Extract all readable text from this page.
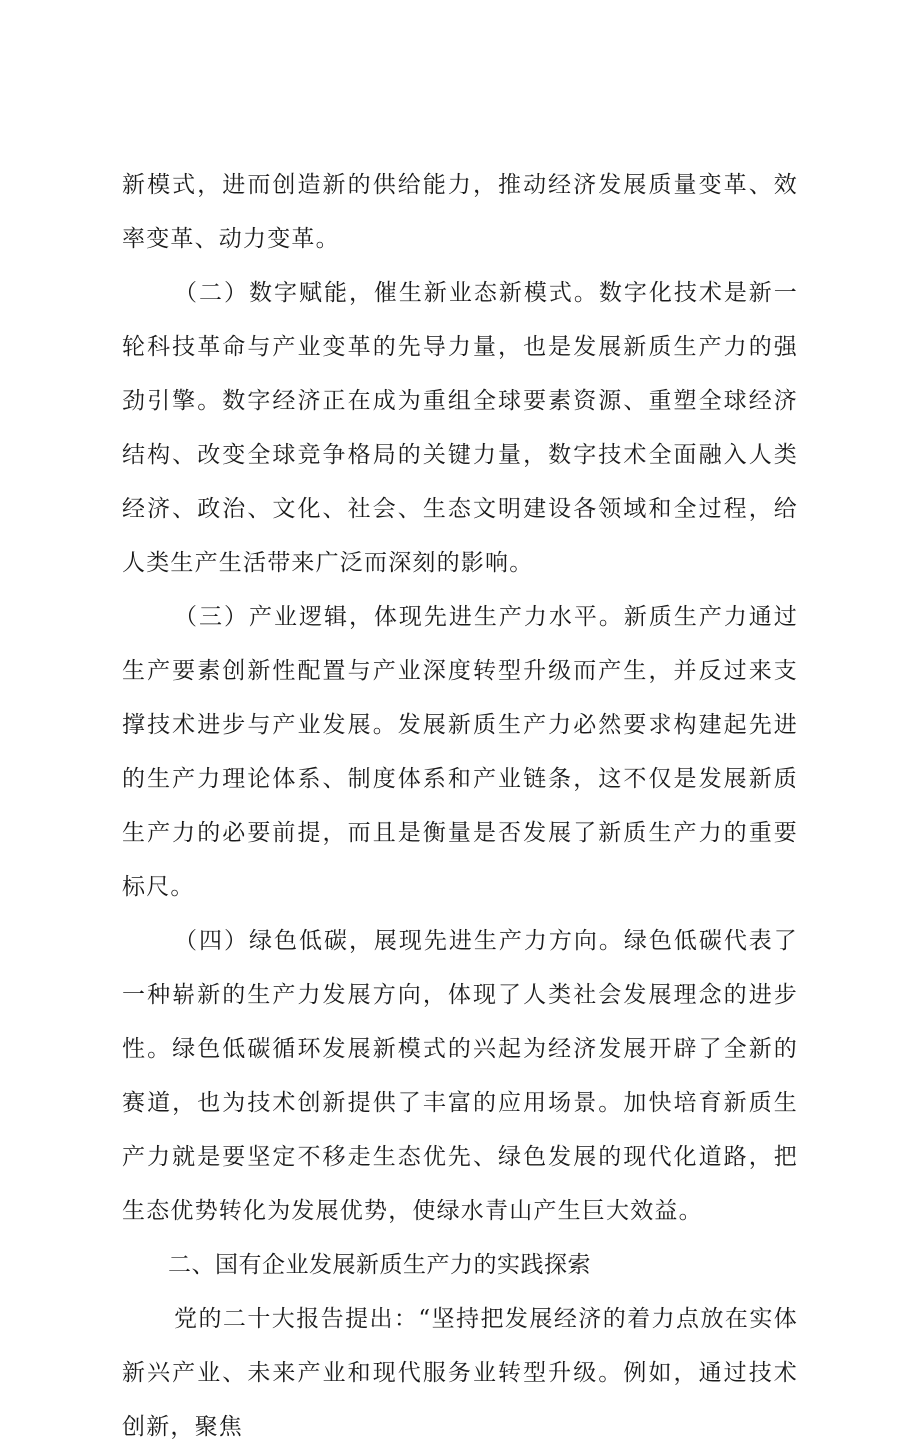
新模式，进而创造新的供给能力，推动经济发展质量变革、效率变革、动力变革。

（二）数字赋能，催生新业态新模式。数字化技术是新一轮科技革命与产业变革的先导力量，也是发展新质生产力的强劲引擎。数字经济正在成为重组全球要素资源、重塑全球经济结构、改变全球竞争格局的关键力量，数字技术全面融入人类经济、政治、文化、社会、生态文明建设各领域和全过程，给人类生产生活带来广泛而深刻的影响。

（三）产业逻辑，体现先进生产力水平。新质生产力通过生产要素创新性配置与产业深度转型升级而产生，并反过来支撑技术进步与产业发展。发展新质生产力必然要求构建起先进的生产力理论体系、制度体系和产业链条，这不仅是发展新质生产力的必要前提，而且是衡量是否发展了新质生产力的重要标尺。

（四）绿色低碳，展现先进生产力方向。绿色低碳代表了一种崭新的生产力发展方向，体现了人类社会发展理念的进步性。绿色低碳循环发展新模式的兴起为经济发展开辟了全新的赛道，也为技术创新提供了丰富的应用场景。加快培育新质生产力就是要坚定不移走生态优先、绿色发展的现代化道路，把生态优势转化为发展优势，使绿水青山产生巨大效益。

二、国有企业发展新质生产力的实践探索

党的二十大报告提出：“坚持把发展经济的着力点放在实体新兴产业、未来产业和现代服务业转型升级。例如，通过技术创新，聚焦
